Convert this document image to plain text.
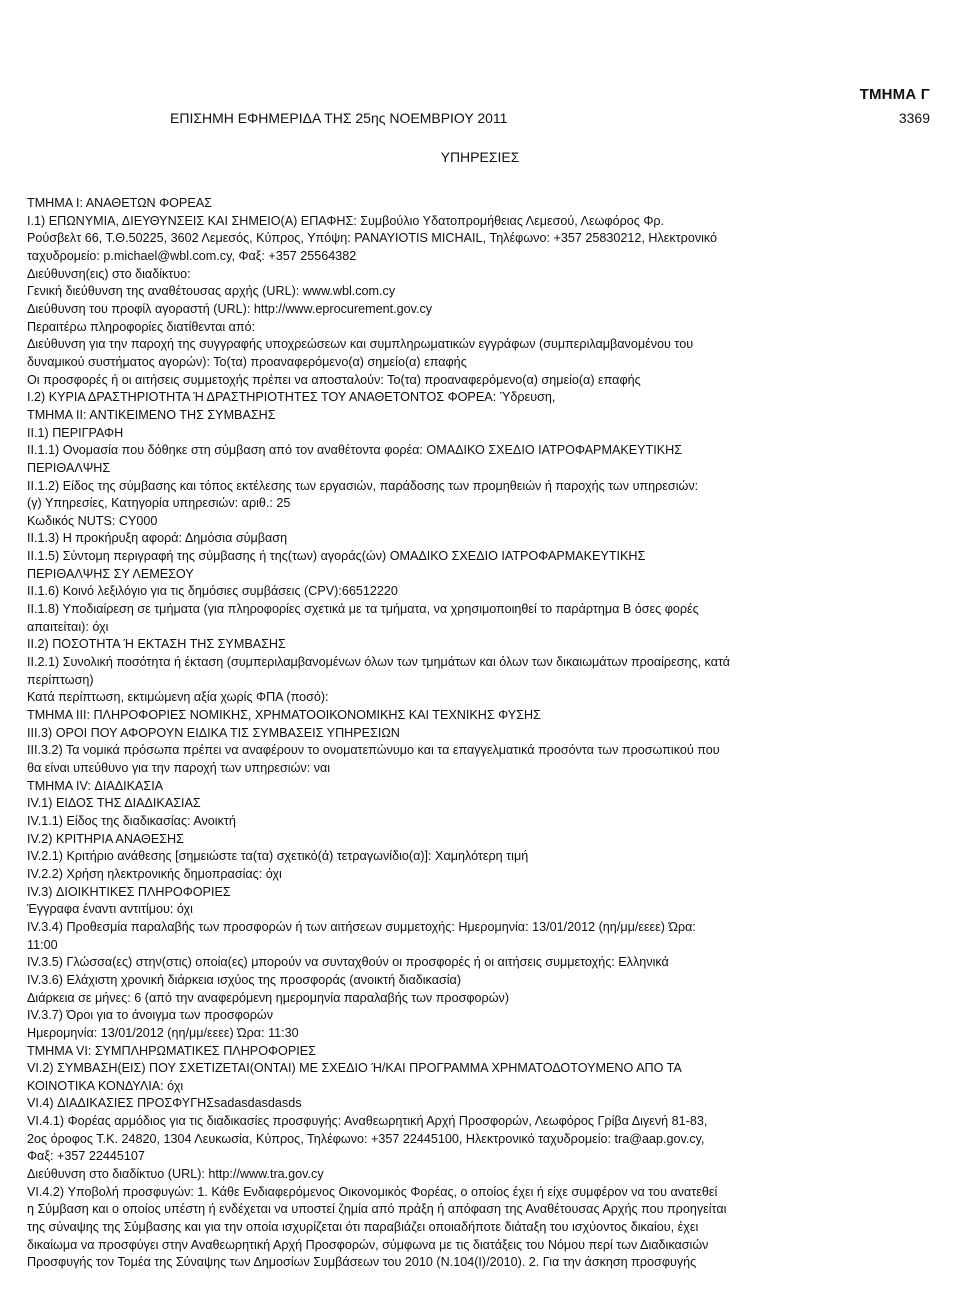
ΤΜΗΜΑ Γ
ΕΠΙΣΗΜΗ ΕΦΗΜΕΡΙΔΑ ΤΗΣ 25ης ΝΟΕΜΒΡΙΟΥ 2011	3369
ΥΠΗΡΕΣΙΕΣ

ΤΜΗΜΑ Ι: ΑΝΑΘΕΤΩΝ ΦΟΡΕΑΣ

Ι.1) ΕΠΩΝΥΜΙΑ, ΔΙΕΥΘΥΝΣΕΙΣ ΚΑΙ ΣΗΜΕΙΟ(Α) ΕΠΑΦΗΣ: Συμβούλιο Υδατοπρομήθειας Λεμεσού, Λεωφόρος Φρ.

Ρούσβελτ 66, Τ.Θ.50225, 3602 Λεμεσός, Κύπρος, Υπόψη: PANAYIOTIS MICHAIL, Τηλέφωνο: +357 25830212, Ηλεκτρονικό

ταχυδρομείο: p.michael@wbl.com.cy, Φαξ: +357 25564382

Διεύθυνση(εις) στο διαδίκτυο:

Γενική διεύθυνση της αναθέτουσας αρχής (URL): www.wbl.com.cy

Διεύθυνση του προφίλ αγοραστή (URL): http://www.eprocurement.gov.cy

Περαιτέρω πληροφορίες διατίθενται από:

Διεύθυνση για την παροχή της συγγραφής υποχρεώσεων και συμπληρωματικών εγγράφων (συμπεριλαμβανομένου του

δυναμικού συστήματος αγορών): Το(τα) προαναφερόμενο(α) σημείο(α) επαφής

Οι προσφορές ή οι αιτήσεις συμμετοχής πρέπει να αποσταλούν: Το(τα) προαναφερόμενο(α) σημείο(α) επαφής

Ι.2) ΚΥΡΙΑ ΔΡΑΣΤΗΡΙΟΤΗΤΑ Ή ΔΡΑΣΤΗΡΙΟΤΗΤΕΣ ΤΟΥ ΑΝΑΘΕΤΟΝΤΟΣ ΦΟΡΕΑ: Ύδρευση,

ΤΜΗΜΑ ΙΙ: ΑΝΤΙΚΕΙΜΕΝΟ ΤΗΣ ΣΥΜΒΑΣΗΣ

ΙΙ.1) ΠΕΡΙΓΡΑΦΗ

ΙΙ.1.1) Ονομασία που δόθηκε στη σύμβαση από τον αναθέτοντα φορέα: ΟΜΑΔΙΚΟ ΣΧΕΔΙΟ ΙΑΤΡΟΦΑΡΜΑΚΕΥΤΙΚΗΣ

ΠΕΡΙΘΑΛΨΗΣ

ΙΙ.1.2) Είδος της σύμβασης και τόπος εκτέλεσης των εργασιών, παράδοσης των προμηθειών ή παροχής των υπηρεσιών:

(γ) Υπηρεσίες, Κατηγορία υπηρεσιών: αριθ.: 25

Κωδικός NUTS: CY000

ΙΙ.1.3) Η προκήρυξη αφορά: Δημόσια σύμβαση

ΙΙ.1.5) Σύντομη περιγραφή της σύμβασης ή της(των) αγοράς(ών) ΟΜΑΔΙΚΟ ΣΧΕΔΙΟ ΙΑΤΡΟΦΑΡΜΑΚΕΥΤΙΚΗΣ

ΠΕΡΙΘΑΛΨΗΣ ΣΥ ΛΕΜΕΣΟΥ

ΙΙ.1.6) Κοινό λεξιλόγιο για τις δημόσιες συμβάσεις (CPV):66512220

ΙΙ.1.8) Υποδιαίρεση σε τμήματα (για πληροφορίες σχετικά με τα τμήματα, να χρησιμοποιηθεί το παράρτημα Β όσες φορές

απαιτείται): όχι

ΙΙ.2) ΠΟΣΟΤΗΤΑ Ή ΕΚΤΑΣΗ ΤΗΣ ΣΥΜΒΑΣΗΣ

ΙΙ.2.1) Συνολική ποσότητα ή έκταση (συμπεριλαμβανομένων όλων των τμημάτων και όλων των δικαιωμάτων προαίρεσης, κατά

περίπτωση)

Κατά περίπτωση, εκτιμώμενη αξία χωρίς ΦΠΑ (ποσό):

ΤΜΗΜΑ ΙΙΙ: ΠΛΗΡΟΦΟΡΙΕΣ ΝΟΜΙΚΗΣ, ΧΡΗΜΑΤΟΟΙΚΟΝΟΜΙΚΗΣ ΚΑΙ ΤΕΧΝΙΚΗΣ ΦΥΣΗΣ

ΙΙΙ.3) ΟΡΟΙ ΠΟΥ ΑΦΟΡΟΥΝ ΕΙΔΙΚΑ ΤΙΣ ΣΥΜΒΑΣΕΙΣ ΥΠΗΡΕΣΙΩΝ

ΙΙΙ.3.2) Τα νομικά πρόσωπα πρέπει να αναφέρουν το ονοματεπώνυμο και τα επαγγελματικά προσόντα των προσωπικού που

θα είναι υπεύθυνο για την παροχή των υπηρεσιών: ναι

ΤΜΗΜΑ IV: ΔΙΑΔΙΚΑΣΙΑ

IV.1) ΕΙΔΟΣ ΤΗΣ ΔΙΑΔΙΚΑΣΙΑΣ

IV.1.1) Είδος της διαδικασίας: Ανοικτή

IV.2) ΚΡΙΤΗΡΙΑ ΑΝΑΘΕΣΗΣ

IV.2.1) Κριτήριο ανάθεσης [σημειώστε τα(τα) σχετικό(ά) τετραγωνίδιο(α)]: Χαμηλότερη τιμή

IV.2.2) Χρήση ηλεκτρονικής δημοπρασίας: όχι

IV.3) ΔΙΟΙΚΗΤΙΚΕΣ ΠΛΗΡΟΦΟΡΙΕΣ

Έγγραφα έναντι αντιτίμου: όχι

IV.3.4) Προθεσμία παραλαβής των προσφορών ή των αιτήσεων συμμετοχής: Ημερομηνία: 13/01/2012 (ηη/μμ/εεεε) Ώρα:

11:00

IV.3.5) Γλώσσα(ες) στην(στις) οποία(ες) μπορούν να συνταχθούν οι προσφορές ή οι αιτήσεις συμμετοχής: Ελληνικά

IV.3.6) Ελάχιστη χρονική διάρκεια ισχύος της προσφοράς (ανοικτή διαδικασία)

Διάρκεια σε μήνες: 6 (από την αναφερόμενη ημερομηνία παραλαβής των προσφορών)

IV.3.7) Όροι για το άνοιγμα των προσφορών

Ημερομηνία: 13/01/2012 (ηη/μμ/εεεε) Ώρα: 11:30

ΤΜΗΜΑ VI: ΣΥΜΠΛΗΡΩΜΑΤΙΚΕΣ ΠΛΗΡΟΦΟΡΙΕΣ

VI.2) ΣΥΜΒΑΣΗ(ΕΙΣ) ΠΟΥ ΣΧΕΤΙΖΕΤΑΙ(ΟΝΤΑΙ) ΜΕ ΣΧΕΔΙΟ Ή/ΚΑΙ ΠΡΟΓΡΑΜΜΑ ΧΡΗΜΑΤΟΔΟΤΟΥΜΕΝΟ ΑΠΟ ΤΑ

ΚΟΙΝΟΤΙΚΑ ΚΟΝΔΥΛΙΑ: όχι

VI.4) ΔΙΑΔΙΚΑΣΙΕΣ ΠΡΟΣΦΥΓΗΣsadasdasdasds

VI.4.1) Φορέας αρμόδιος για τις διαδικασίες προσφυγής: Αναθεωρητική Αρχή Προσφορών, Λεωφόρος Γρίβα Διγενή 81-83,

2ος όροφος Τ.Κ. 24820, 1304 Λευκωσία, Κύπρος, Τηλέφωνο: +357 22445100, Ηλεκτρονικό ταχυδρομείο: tra@aap.gov.cy,

Φαξ: +357 22445107

Διεύθυνση στο διαδίκτυο (URL): http://www.tra.gov.cy

VI.4.2) Υποβολή προσφυγών: 1. Κάθε Ενδιαφερόμενος Οικονομικός Φορέας, ο οποίος έχει ή είχε συμφέρον να του ανατεθεί

η Σύμβαση και ο οποίος υπέστη ή ενδέχεται να υποστεί ζημία από πράξη ή απόφαση της Αναθέτουσας Αρχής που προηγείται

της σύναψης της Σύμβασης και για την οποία ισχυρίζεται ότι παραβιάζει οποιαδήποτε διάταξη του ισχύοντος δικαίου, έχει

δικαίωμα να προσφύγει στην Αναθεωρητική Αρχή Προσφορών, σύμφωνα με τις διατάξεις του Νόμου περί των Διαδικασιών

Προσφυγής τον Τομέα της Σύναψης των Δημοσίων Συμβάσεων του 2010 (Ν.104(Ι)/2010). 2. Για την άσκηση προσφυγής
